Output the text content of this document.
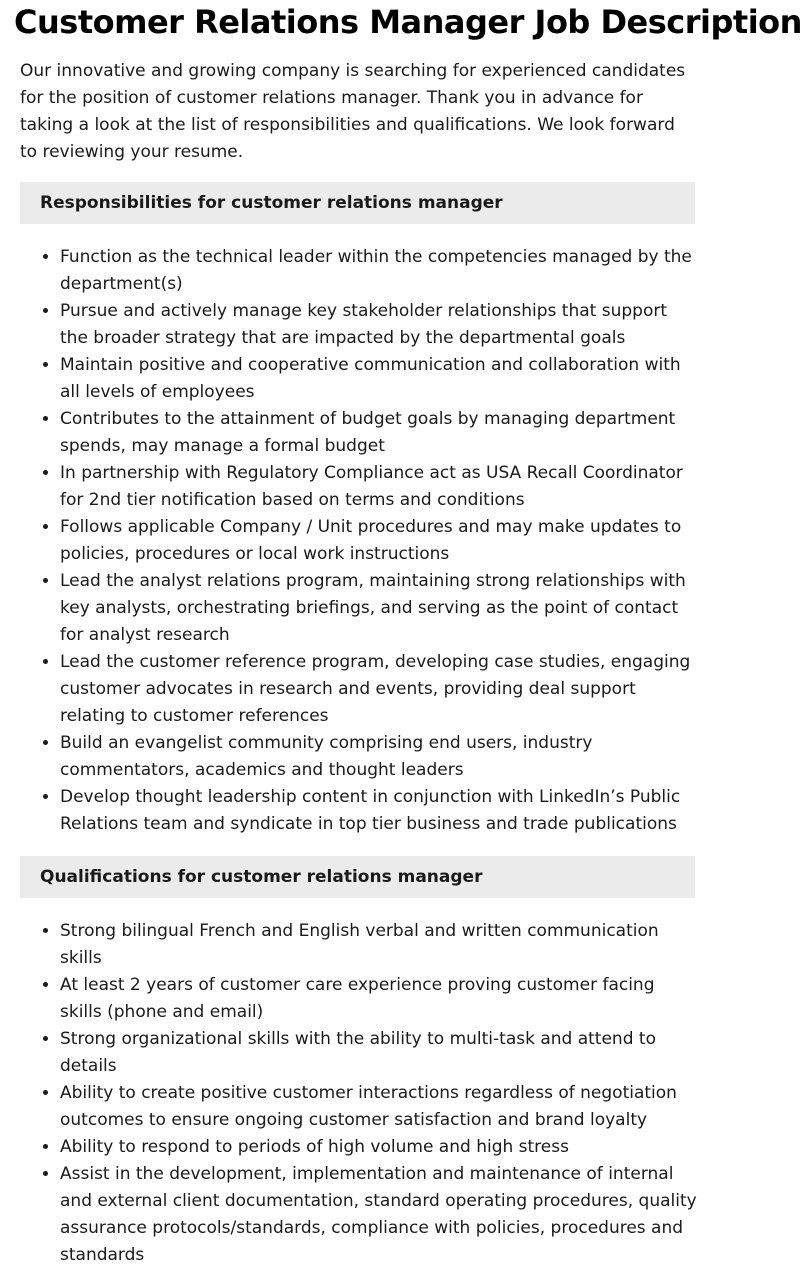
Customer Relations Manager Job Description

Our innovative and growing company is searching for experienced candidates for the position of customer relations manager. Thank you in advance for taking a look at the list of responsibilities and qualifications. We look forward to reviewing your resume.

Responsibilities for customer relations manager
• Function as the technical leader within the competencies managed by the department(s)
• Pursue and actively manage key stakeholder relationships that support the broader strategy that are impacted by the departmental goals
• Maintain positive and cooperative communication and collaboration with all levels of employees
• Contributes to the attainment of budget goals by managing department spends, may manage a formal budget
• In partnership with Regulatory Compliance act as USA Recall Coordinator for 2nd tier notification based on terms and conditions
• Follows applicable Company / Unit procedures and may make updates to policies, procedures or local work instructions
• Lead the analyst relations program, maintaining strong relationships with key analysts, orchestrating briefings, and serving as the point of contact for analyst research
• Lead the customer reference program, developing case studies, engaging customer advocates in research and events, providing deal support relating to customer references
• Build an evangelist community comprising end users, industry commentators, academics and thought leaders
• Develop thought leadership content in conjunction with LinkedIn’s Public Relations team and syndicate in top tier business and trade publications
Qualifications for customer relations manager
• Strong bilingual French and English verbal and written communication skills
• At least 2 years of customer care experience proving customer facing skills (phone and email)
• Strong organizational skills with the ability to multi-task and attend to details
• Ability to create positive customer interactions regardless of negotiation outcomes to ensure ongoing customer satisfaction and brand loyalty
• Ability to respond to periods of high volume and high stress
• Assist in the development, implementation and maintenance of internal and external client documentation, standard operating procedures, quality assurance protocols/standards, compliance with policies, procedures and standards
